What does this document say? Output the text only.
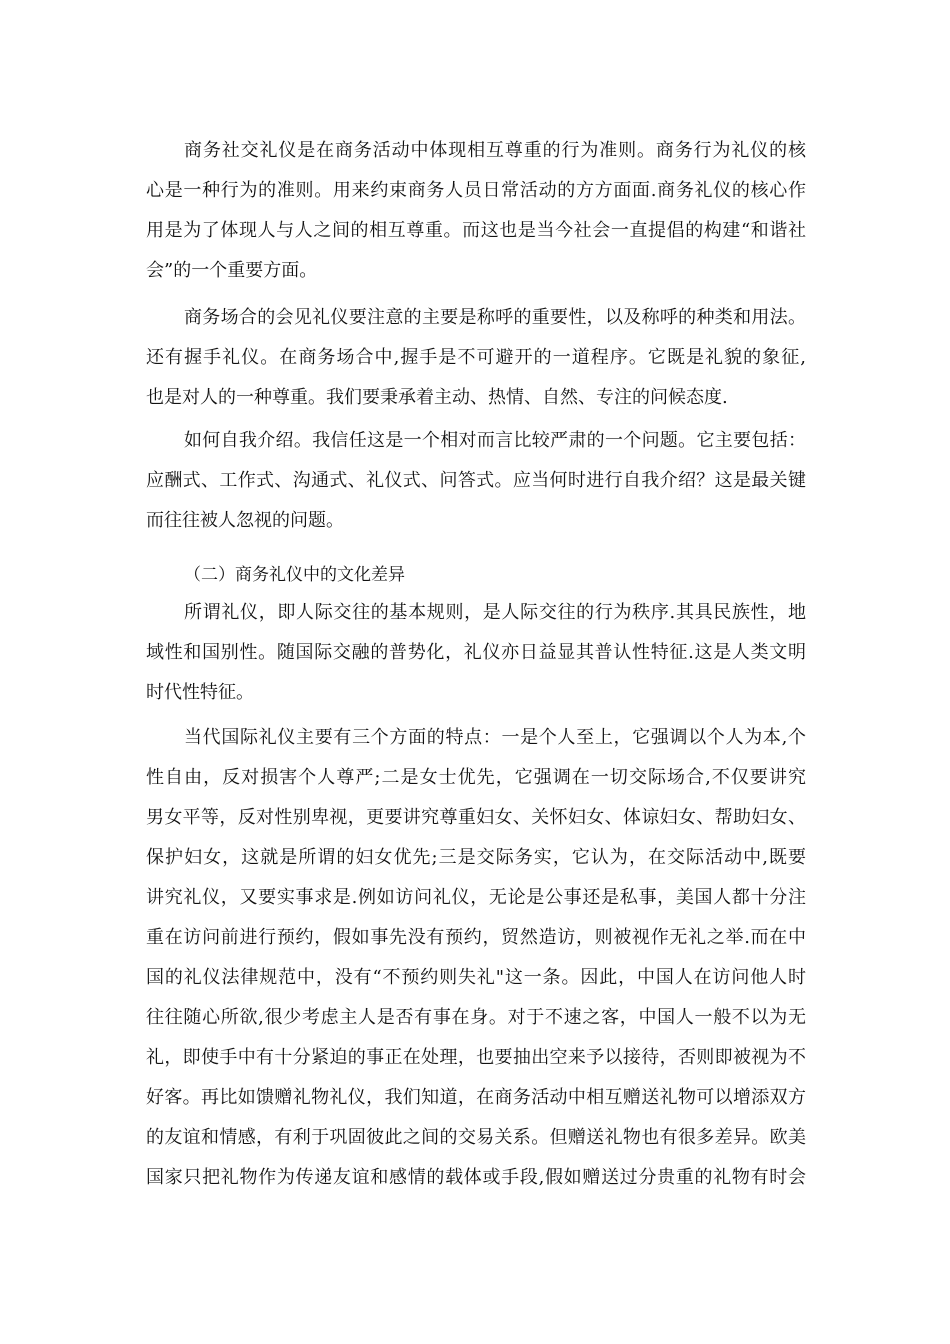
商务社交礼仪是在商务活动中体现相互尊重的行为准则。商务行为礼仪的核
心是一种行为的准则。用来约束商务人员日常活动的方方面面.商务礼仪的核心作
用是为了体现人与人之间的相互尊重。而这也是当今社会一直提倡的构建“和谐社
会”的一个重要方面。
商务场合的会见礼仪要注意的主要是称呼的重要性，以及称呼的种类和用法。
还有握手礼仪。在商务场合中,握手是不可避开的一道程序。它既是礼貌的象征,
也是对人的一种尊重。我们要秉承着主动、热情、自然、专注的问候态度.
如何自我介绍。我信任这是一个相对而言比较严肃的一个问题。它主要包括：
应酬式、工作式、沟通式、礼仪式、问答式。应当何时进行自我介绍？这是最关键
而往往被人忽视的问题。
（二）商务礼仪中的文化差异
所谓礼仪，即人际交往的基本规则，是人际交往的行为秩序.其具民族性，地
域性和国别性。随国际交融的普势化，礼仪亦日益显其普认性特征.这是人类文明
时代性特征。
当代国际礼仪主要有三个方面的特点：一是个人至上，它强调以个人为本,个
性自由，反对损害个人尊严;二是女士优先，它强调在一切交际场合,不仅要讲究
男女平等，反对性别卑视，更要讲究尊重妇女、关怀妇女、体谅妇女、帮助妇女、
保护妇女，这就是所谓的妇女优先;三是交际务实，它认为，在交际活动中,既要
讲究礼仪，又要实事求是.例如访问礼仪，无论是公事还是私事，美国人都十分注
重在访问前进行预约，假如事先没有预约，贸然造访，则被视作无礼之举.而在中
国的礼仪法律规范中，没有“不预约则失礼"这一条。因此，中国人在访问他人时
往往随心所欲,很少考虑主人是否有事在身。对于不速之客，中国人一般不以为无
礼，即使手中有十分紧迫的事正在处理，也要抽出空来予以接待，否则即被视为不
好客。再比如馈赠礼物礼仪，我们知道，在商务活动中相互赠送礼物可以增添双方
的友谊和情感，有利于巩固彼此之间的交易关系。但赠送礼物也有很多差异。欧美
国家只把礼物作为传递友谊和感情的载体或手段,假如赠送过分贵重的礼物有时会
